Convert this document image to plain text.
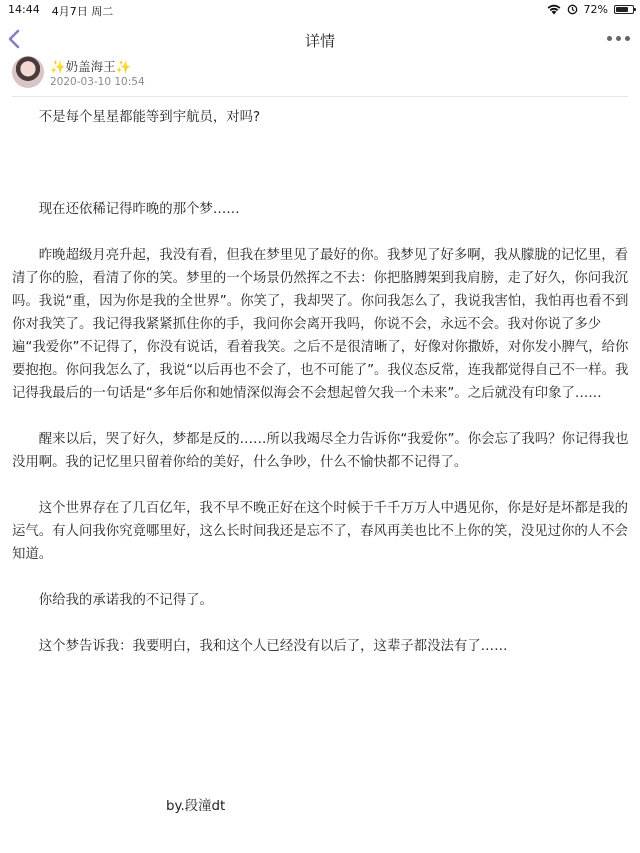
14:44 4月7日 周二	72%
详情
✨奶盖海王✨
2020-03-10 10:54

不是每个星星都能等到宇航员，对吗?

现在还依稀记得昨晚的那个梦……

昨晚超级月亮升起，我没有看，但我在梦里见了最好的你。我梦见了好多啊，我从朦胧的记忆里，看清了你的脸，看清了你的笑。梦里的一个场景仍然挥之不去：你把胳膊架到我肩膀，走了好久，你问我沉吗。我说“重，因为你是我的全世界”。你笑了，我却哭了。你问我怎么了，我说我害怕，我怕再也看不到你对我笑了。我记得我紧紧抓住你的手，我问你会离开我吗，你说不会，永远不会。我对你说了多少遍“我爱你”不记得了，你没有说话，看着我笑。之后不是很清晰了，好像对你撒娇，对你发小脾气，给你要抱抱。你问我怎么了，我说“以后再也不会了，也不可能了”。我仪态反常，连我都觉得自己不一样。我记得我最后的一句话是“多年后你和她情深似海会不会想起曾欠我一个未来”。之后就没有印象了……

醒来以后，哭了好久，梦都是反的……所以我竭尽全力告诉你“我爱你”。你会忘了我吗？你记得我也没用啊。我的记忆里只留着你给的美好，什么争吵，什么不愉快都不记得了。

这个世界存在了几百亿年，我不早不晚正好在这个时候于千千万万人中遇见你，你是好是坏都是我的运气。有人问我你究竟哪里好，这么长时间我还是忘不了，春风再美也比不上你的笑，没见过你的人不会知道。

你给我的承诺我的不记得了。

这个梦告诉我：我要明白，我和这个人已经没有以后了，这辈子都没法有了……

by.段潼dt
